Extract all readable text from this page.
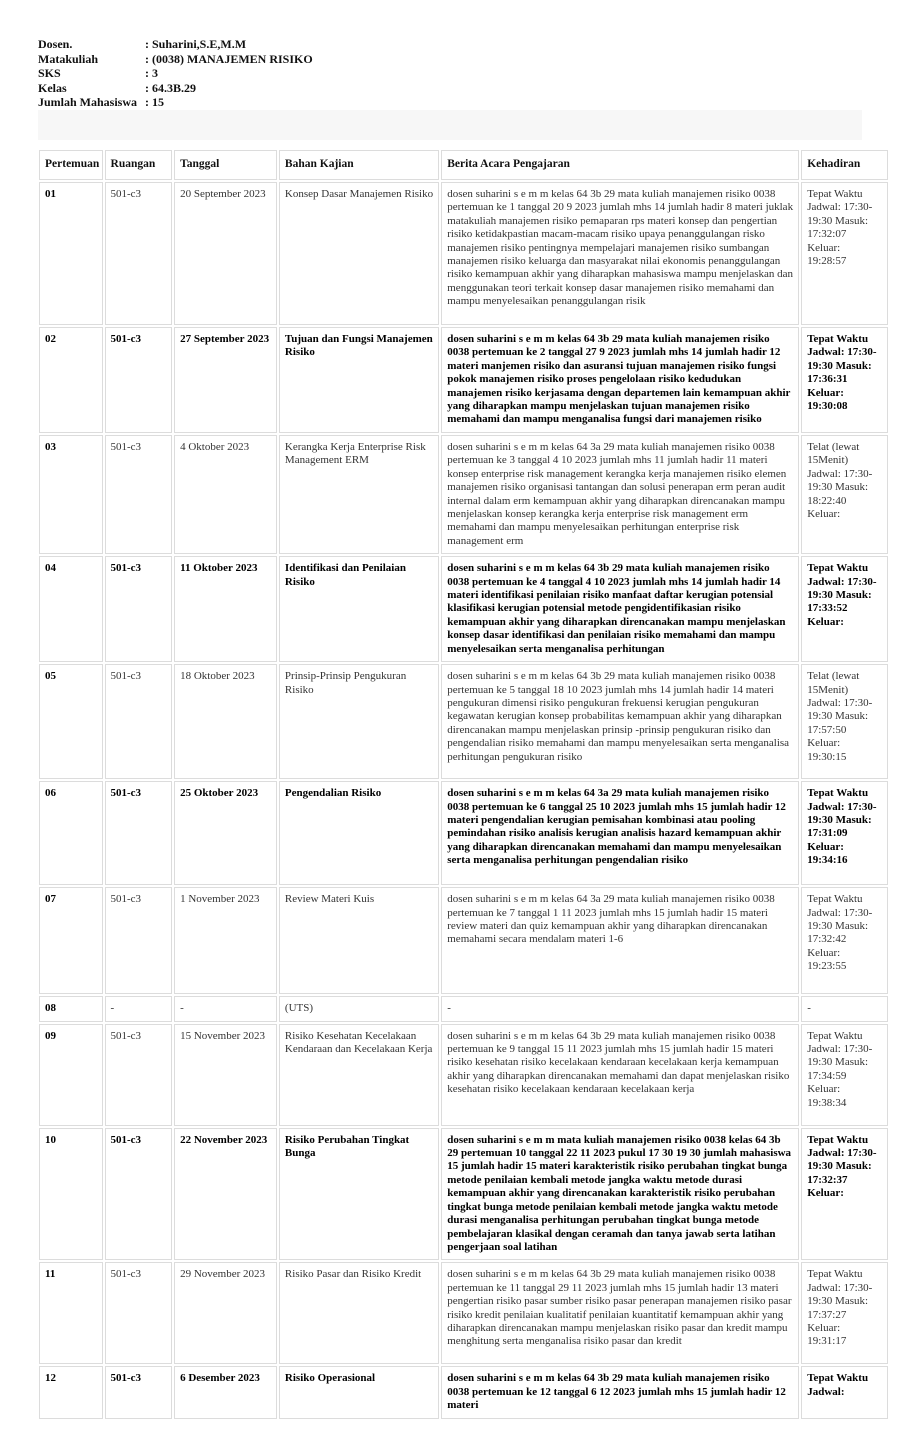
Dosen.	: Suharini,S.E,M.M
Matakuliah	: (0038) MANAJEMEN RISIKO
SKS	: 3
Kelas	: 64.3B.29
Jumlah Mahasiswa : 15
Pertemuan	Ruangan	Tanggal	Bahan Kajian	Berita Acara Pengajaran	Kehadiran
01	501-c3	20 September 2023	Konsep Dasar Manajemen Risiko	dosen suharini s e m m kelas 64 3b 29 mata kuliah manajemen risiko 0038 pertemuan ke 1 tanggal 20 9 2023 jumlah mhs 14 jumlah hadir 8 materi juklak matakuliah manajemen risiko pemaparan rps materi konsep dan pengertian risiko ketidakpastian macam-macam risiko upaya penanggulangan risko manajemen risiko pentingnya mempelajari manajemen risiko sumbangan manajemen risiko keluarga dan masyarakat nilai ekonomis penanggulangan risiko kemampuan akhir yang diharapkan mahasiswa mampu menjelaskan dan menggunakan teori terkait konsep dasar manajemen risiko memahami dan mampu menyelesaikan penanggulangan risik	Tepat Waktu Jadwal: 17:30-19:30 Masuk: 17:32:07 Keluar: 19:28:57
02	501-c3	27 September 2023	Tujuan dan Fungsi Manajemen Risiko	dosen suharini s e m m kelas 64 3b 29 mata kuliah manajemen risiko 0038 pertemuan ke 2 tanggal 27 9 2023 jumlah mhs 14 jumlah hadir 12 materi manjemen risiko dan asuransi tujuan manajemen risiko fungsi pokok manajemen risiko proses pengelolaan risiko kedudukan manajemen risiko kerjasama dengan departemen lain kemampuan akhir yang diharapkan mampu menjelaskan tujuan manajemen risiko memahami dan mampu menganalisa fungsi dari manajemen risiko	Tepat Waktu Jadwal: 17:30-19:30 Masuk: 17:36:31 Keluar: 19:30:08
03	501-c3	4 Oktober 2023	Kerangka Kerja Enterprise Risk Management ERM	dosen suharini s e m m kelas 64 3a 29 mata kuliah manajemen risiko 0038 pertemuan ke 3 tanggal 4 10 2023 jumlah mhs 11 jumlah hadir 11 materi konsep enterprise risk management kerangka kerja manajemen risiko elemen manajemen risiko organisasi tantangan dan solusi penerapan erm peran audit internal dalam erm kemampuan akhir yang diharapkan direncanakan mampu menjelaskan konsep kerangka kerja enterprise risk management erm memahami dan mampu menyelesaikan perhitungan enterprise risk management erm	Telat (lewat 15Menit) Jadwal: 17:30-19:30 Masuk: 18:22:40 Keluar:
04	501-c3	11 Oktober 2023	Identifikasi dan Penilaian Risiko	dosen suharini s e m m kelas 64 3b 29 mata kuliah manajemen risiko 0038 pertemuan ke 4 tanggal 4 10 2023 jumlah mhs 14 jumlah hadir 14 materi identifikasi penilaian risiko manfaat daftar kerugian potensial klasifikasi kerugian potensial metode pengidentifikasian risiko kemampuan akhir yang diharapkan direncanakan mampu menjelaskan konsep dasar identifikasi dan penilaian risiko memahami dan mampu menyelesaikan serta menganalisa perhitungan	Tepat Waktu Jadwal: 17:30-19:30 Masuk: 17:33:52 Keluar:
05	501-c3	18 Oktober 2023	Prinsip-Prinsip Pengukuran Risiko	dosen suharini s e m m kelas 64 3b 29 mata kuliah manajemen risiko 0038 pertemuan ke 5 tanggal 18 10 2023 jumlah mhs 14 jumlah hadir 14 materi pengukuran dimensi risiko pengukuran frekuensi kerugian pengukuran kegawatan kerugian konsep probabilitas kemampuan akhir yang diharapkan direncanakan mampu menjelaskan prinsip -prinsip pengukuran risiko dan pengendalian risiko memahami dan mampu menyelesaikan serta menganalisa perhitungan pengukuran risiko	Telat (lewat 15Menit) Jadwal: 17:30-19:30 Masuk: 17:57:50 Keluar: 19:30:15
06	501-c3	25 Oktober 2023	Pengendalian Risiko	dosen suharini s e m m kelas 64 3a 29 mata kuliah manajemen risiko 0038 pertemuan ke 6 tanggal 25 10 2023 jumlah mhs 15 jumlah hadir 12 materi pengendalian kerugian pemisahan kombinasi atau pooling pemindahan risiko analisis kerugian analisis hazard kemampuan akhir yang diharapkan direncanakan memahami dan mampu menyelesaikan serta menganalisa perhitungan pengendalian risiko	Tepat Waktu Jadwal: 17:30-19:30 Masuk: 17:31:09 Keluar: 19:34:16
07	501-c3	1 November 2023	Review Materi Kuis	dosen suharini s e m m kelas 64 3a 29 mata kuliah manajemen risiko 0038 pertemuan ke 7 tanggal 1 11 2023 jumlah mhs 15 jumlah hadir 15 materi review materi dan quiz kemampuan akhir yang diharapkan direncanakan memahami secara mendalam materi 1-6	Tepat Waktu Jadwal: 17:30-19:30 Masuk: 17:32:42 Keluar: 19:23:55
08	-	-	(UTS)	-	-
09	501-c3	15 November 2023	Risiko Kesehatan Kecelakaan Kendaraan dan Kecelakaan Kerja	dosen suharini s e m m kelas 64 3b 29 mata kuliah manajemen risiko 0038 pertemuan ke 9 tanggal 15 11 2023 jumlah mhs 15 jumlah hadir 15 materi risiko kesehatan risiko kecelakaan kendaraan kecelakaan kerja kemampuan akhir yang diharapkan direncanakan memahami dan dapat menjelaskan risiko kesehatan risiko kecelakaan kendaraan kecelakaan kerja	Tepat Waktu Jadwal: 17:30-19:30 Masuk: 17:34:59 Keluar: 19:38:34
10	501-c3	22 November 2023	Risiko Perubahan Tingkat Bunga	dosen suharini s e m m mata kuliah manajemen risiko 0038 kelas 64 3b 29 pertemuan 10 tanggal 22 11 2023 pukul 17 30 19 30 jumlah mahasiswa 15 jumlah hadir 15 materi karakteristik risiko perubahan tingkat bunga metode penilaian kembali metode jangka waktu metode durasi kemampuan akhir yang direncanakan karakteristik risiko perubahan tingkat bunga metode penilaian kembali metode jangka waktu metode durasi menganalisa perhitungan perubahan tingkat bunga metode pembelajaran klasikal dengan ceramah dan tanya jawab serta latihan pengerjaan soal latihan	Tepat Waktu Jadwal: 17:30-19:30 Masuk: 17:32:37 Keluar:
11	501-c3	29 November 2023	Risiko Pasar dan Risiko Kredit	dosen suharini s e m m kelas 64 3b 29 mata kuliah manajemen risiko 0038 pertemuan ke 11 tanggal 29 11 2023 jumlah mhs 15 jumlah hadir 13 materi pengertian risiko pasar sumber risiko pasar penerapan manajemen risiko pasar risiko kredit penilaian kualitatif penilaian kuantitatif kemampuan akhir yang diharapkan direncanakan mampu menjelaskan risiko pasar dan kredit mampu menghitung serta menganalisa risiko pasar dan kredit	Tepat Waktu Jadwal: 17:30-19:30 Masuk: 17:37:27 Keluar: 19:31:17
12	501-c3	6 Desember 2023	Risiko Operasional	dosen suharini s e m m kelas 64 3b 29 mata kuliah manajemen risiko 0038 pertemuan ke 12 tanggal 6 12 2023 jumlah mhs 15 jumlah hadir 12 materi	Tepat Waktu Jadwal:
